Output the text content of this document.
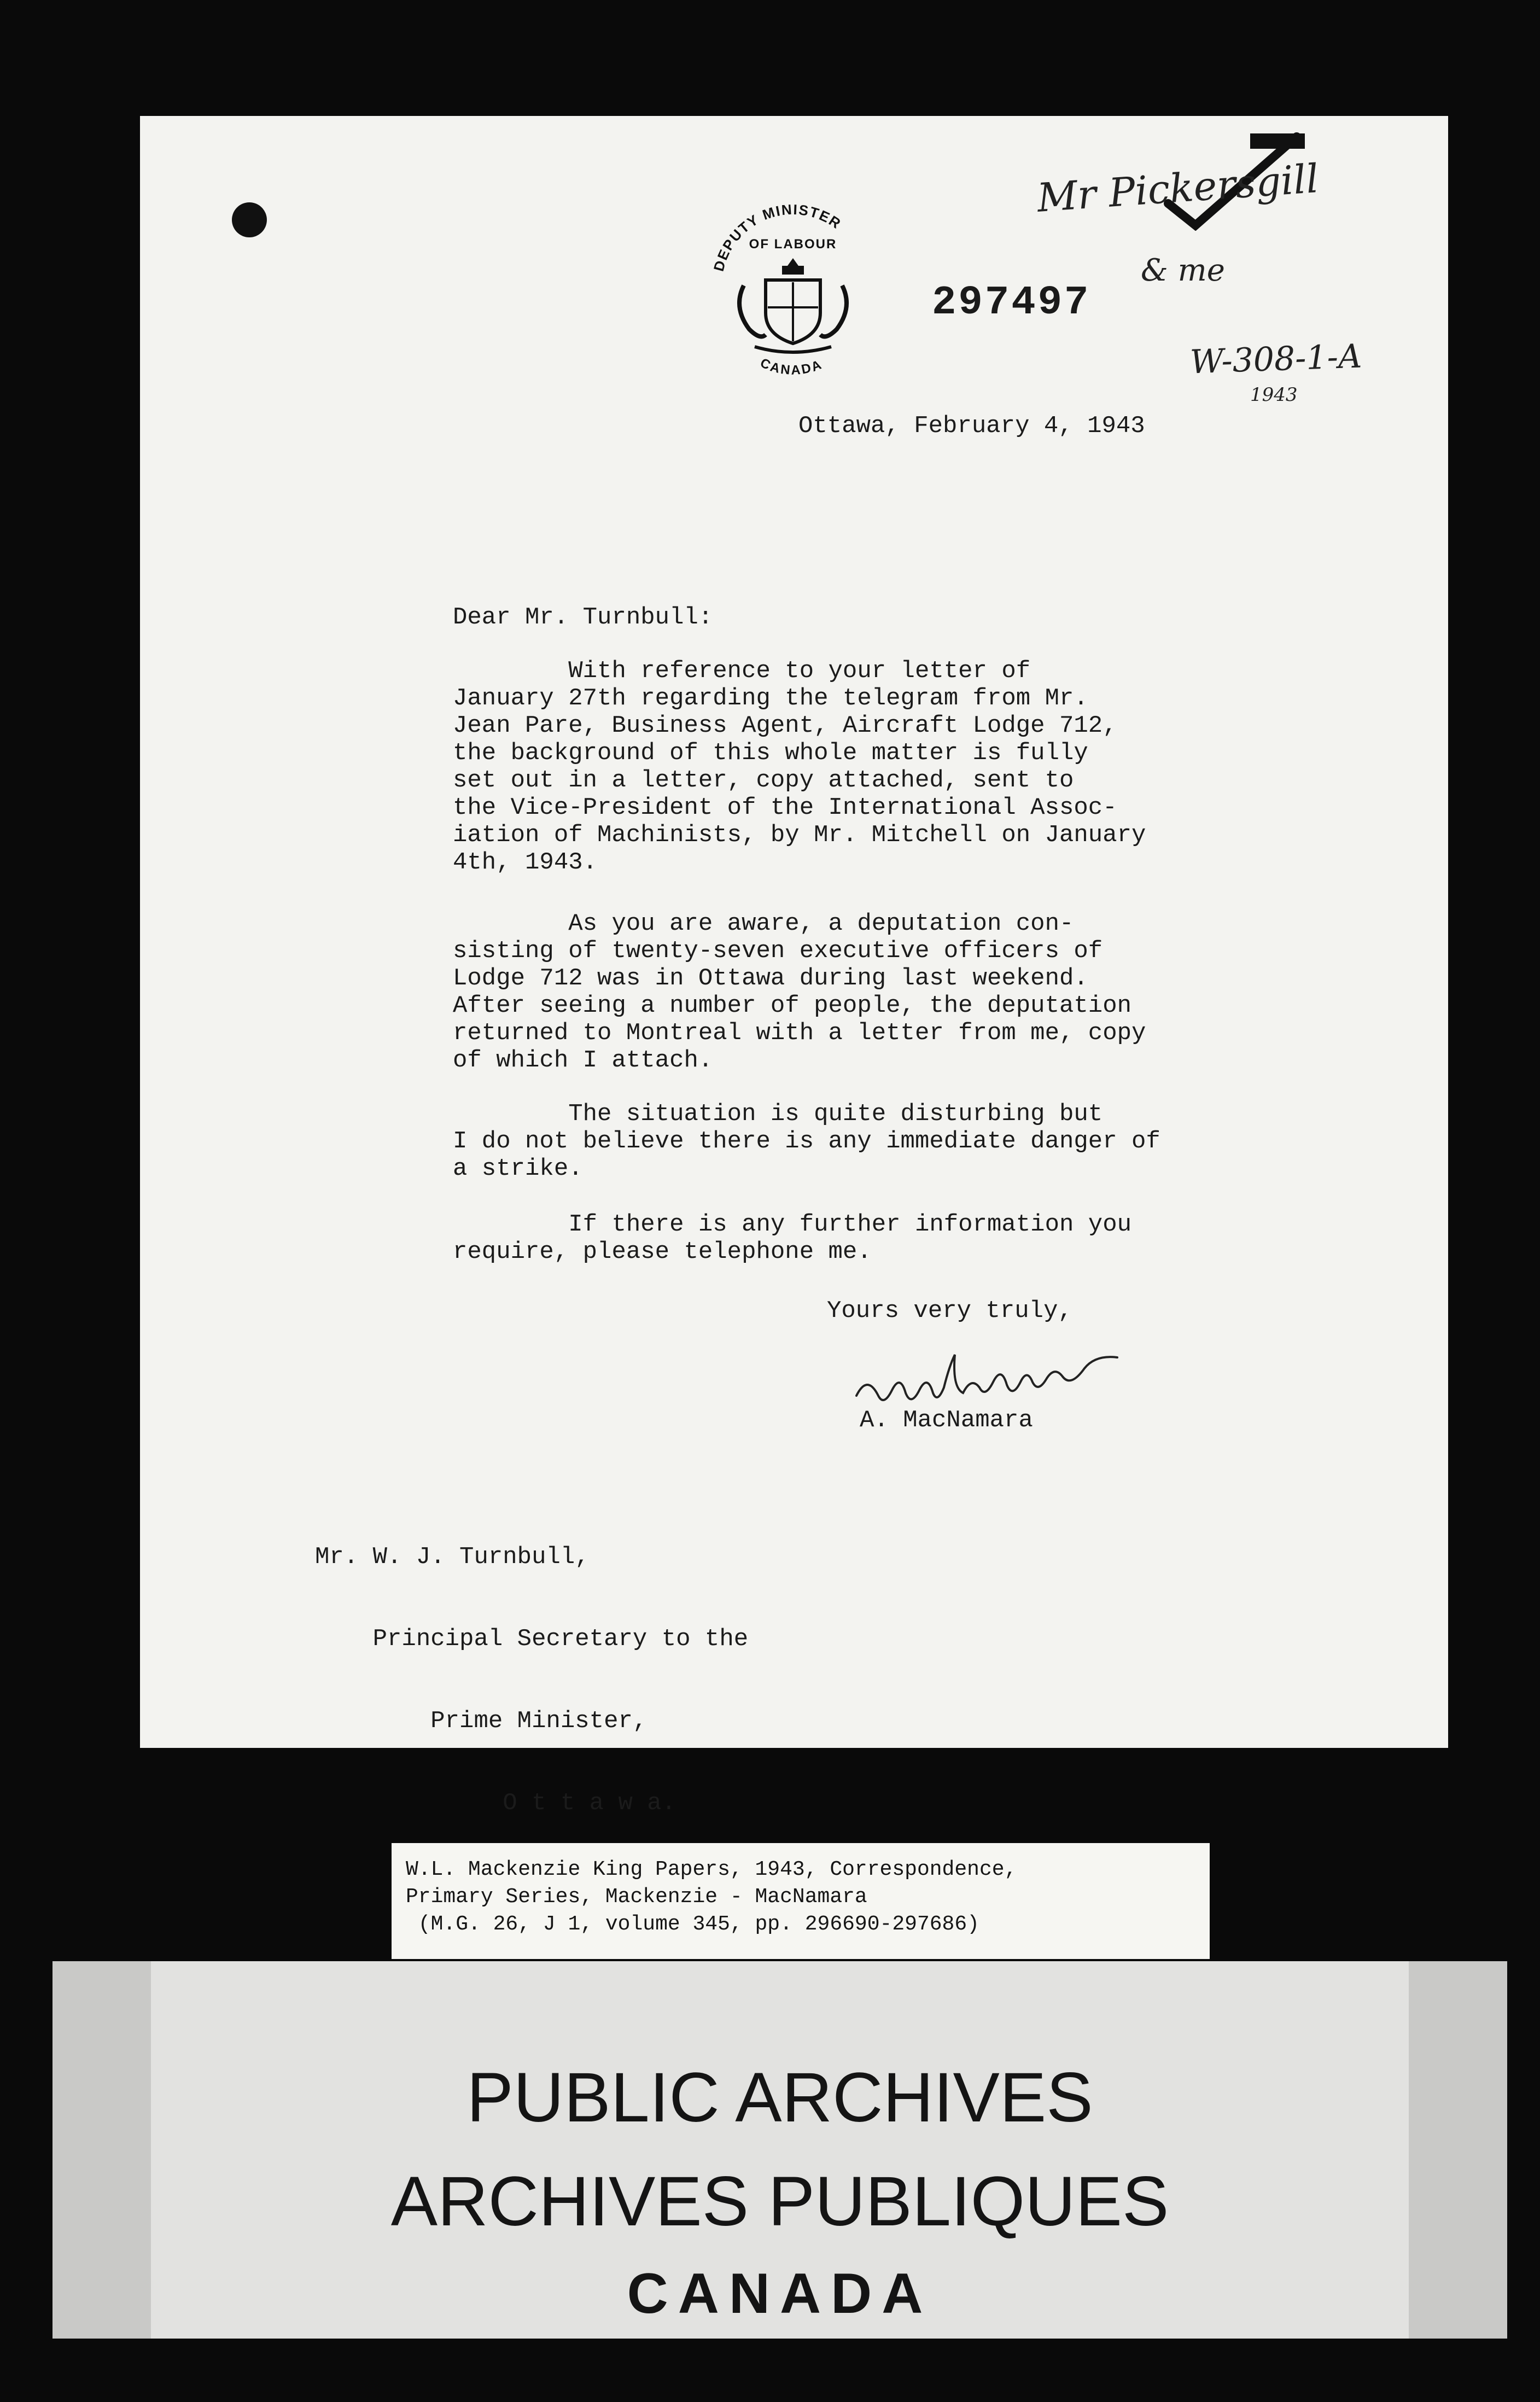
DEPUTY MINISTER
OF LABOUR
CANADA
297497
Mr Pickersgill
& me
W-308-1-A
1943
Ottawa, February 4, 1943
Dear Mr. Turnbull:

With reference to your letter of

January 27th regarding the telegram from Mr.

Jean Pare, Business Agent, Aircraft Lodge 712,

the background of this whole matter is fully

set out in a letter, copy attached, sent to

the Vice-President of the International Assoc-

iation of Machinists, by Mr. Mitchell on January

4th, 1943.

As you are aware, a deputation con-

sisting of twenty-seven executive officers of

Lodge 712 was in Ottawa during last weekend.

After seeing a number of people, the deputation

returned to Montreal with a letter from me, copy

of which I attach.

The situation is quite disturbing but

I do not believe there is any immediate danger of

a strike.

If there is any further information you

require, please telephone me.

Yours very truly,
A. MacNamara

Mr. W. J. Turnbull,

Principal Secretary to the

Prime Minister,

O t t a w a.

W.L. Mackenzie King Papers, 1943, Correspondence,
Primary Series, Mackenzie - MacNamara
(M.G. 26, J 1, volume 345, pp. 296690-297686)
PUBLIC ARCHIVES
ARCHIVES PUBLIQUES
CANADA
